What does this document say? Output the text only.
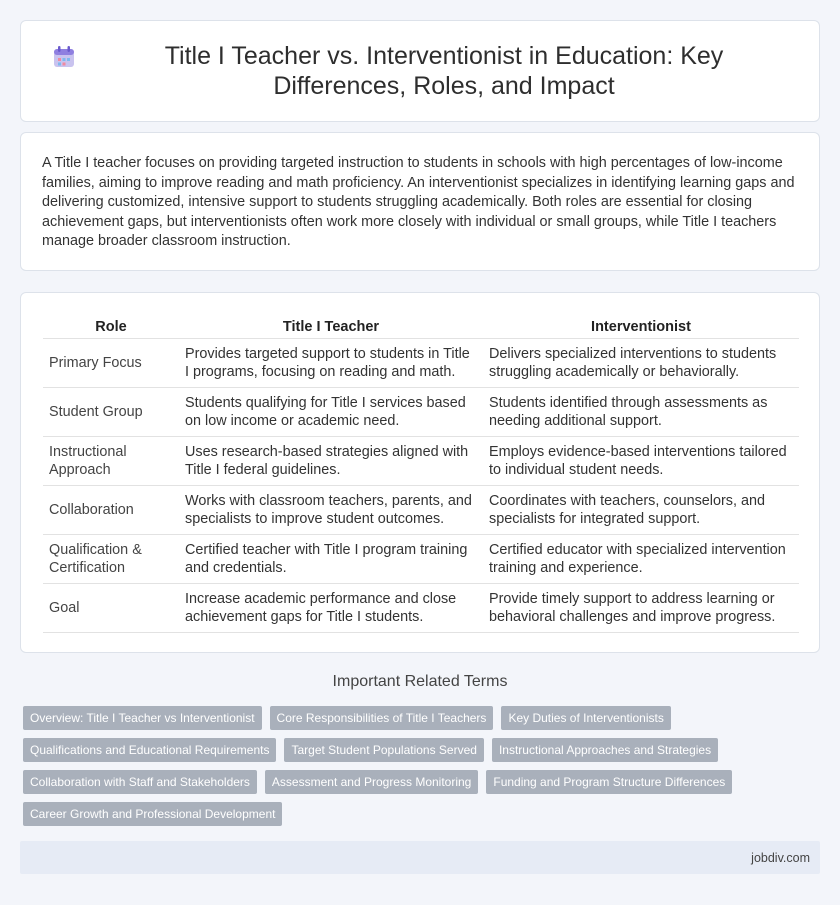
Title I Teacher vs. Interventionist in Education: Key Differences, Roles, and Impact

A Title I teacher focuses on providing targeted instruction to students in schools with high percentages of low-income families, aiming to improve reading and math proficiency. An interventionist specializes in identifying learning gaps and delivering customized, intensive support to students struggling academically. Both roles are essential for closing achievement gaps, but interventionists often work more closely with individual or small groups, while Title I teachers manage broader classroom instruction.

Role	Title I Teacher	Interventionist
Primary Focus	Provides targeted support to students in Title I programs, focusing on reading and math.	Delivers specialized interventions to students struggling academically or behaviorally.
Student Group	Students qualifying for Title I services based on low income or academic need.	Students identified through assessments as needing additional support.
Instructional Approach	Uses research-based strategies aligned with Title I federal guidelines.	Employs evidence-based interventions tailored to individual student needs.
Collaboration	Works with classroom teachers, parents, and specialists to improve student outcomes.	Coordinates with teachers, counselors, and specialists for integrated support.
Qualification & Certification	Certified teacher with Title I program training and credentials.	Certified educator with specialized intervention training and experience.
Goal	Increase academic performance and close achievement gaps for Title I students.	Provide timely support to address learning or behavioral challenges and improve progress.
Important Related Terms
Overview: Title I Teacher vs Interventionist	Core Responsibilities of Title I Teachers	Key Duties of Interventionists
Qualifications and Educational Requirements	Target Student Populations Served	Instructional Approaches and Strategies
Collaboration with Staff and Stakeholders	Assessment and Progress Monitoring	Funding and Program Structure Differences
Career Growth and Professional Development
jobdiv.com
